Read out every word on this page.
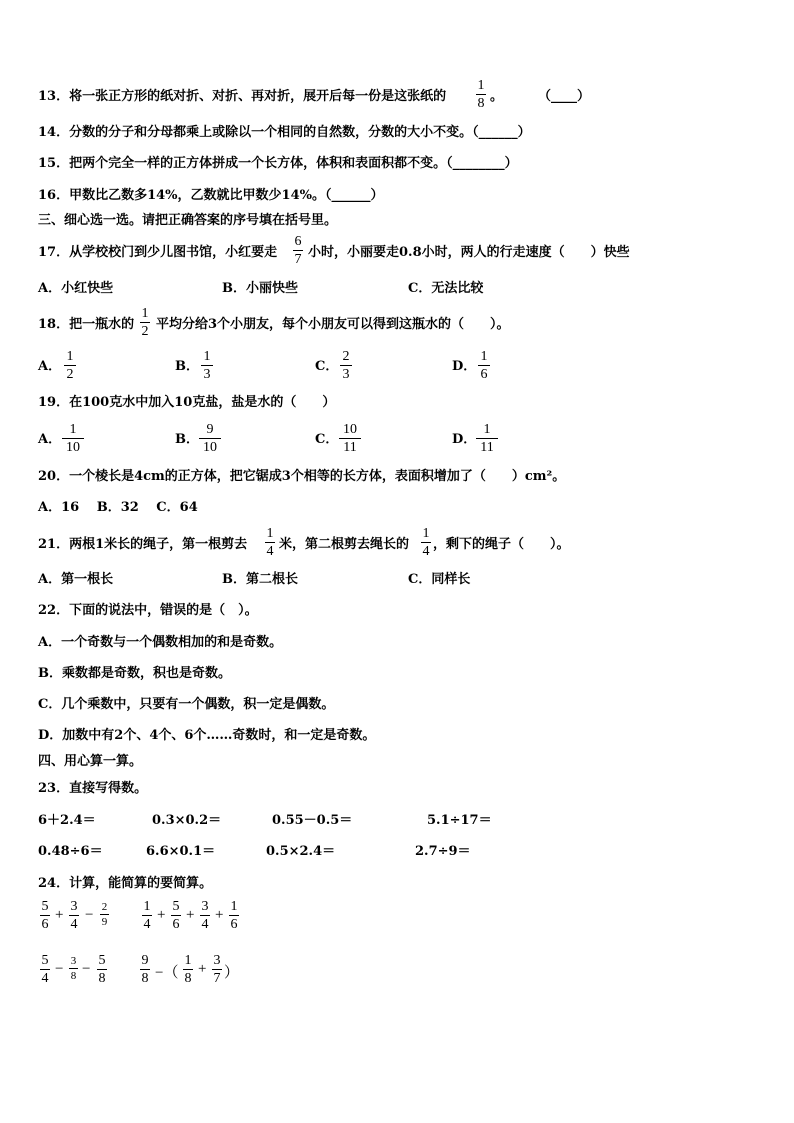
13．将一张正方形的纸对折、对折、再对折，展开后每一份是这张纸的
1
8 。	（____）
14．分数的分子和分母都乘上或除以一个相同的自然数，分数的大小不变。（______）
15．把两个完全一样的正方体拼成一个长方体，体积和表面积都不变。（________）
16．甲数比乙数多14%，乙数就比甲数少14%。（______）
三、细心选一选。请把正确答案的序号填在括号里。
17．从学校校门到少儿图书馆，小红要走
6
7 小时，小丽要走0.8小时，两人的行走速度（　　）快些
A．小红快些	B．小丽快些	C．无法比较
18．把一瓶水的
1
2 平均分给3个小朋友，每个小朋友可以得到这瓶水的（　　）。
A．
1
2
B．
1
3
C．
2
3
D．
1
6
19．在100克水中加入10克盐，盐是水的（　　）
A．
1
10
B．
9
10
C．
10
11
D．
1
11
20．一个棱长是4cm的正方体，把它锯成3个相等的长方体，表面积增加了（　　）cm²。
A．16　 B．32　 C．64
21．两根1米长的绳子，第一根剪去
1
4 米，第二根剪去绳长的
1
4 ，剩下的绳子（　　）。
A．第一根长	B．第二根长	C．同样长
22．下面的说法中，错误的是（　）。
A．一个奇数与一个偶数相加的和是奇数。
B．乘数都是奇数，积也是奇数。
C．几个乘数中，只要有一个偶数，积一定是偶数。
D．加数中有2个、4个、6个……奇数时，和一定是奇数。
四、用心算一算。
23．直接写得数。
6＋2.4＝	0.3×0.2＝	0.55－0.5＝	5.1÷17＝
0.48÷6＝	6.6×0.1＝	0.5×2.4＝	2.7÷9＝
24．计算，能简算的要简算。
5
6
+
3
4
− 2
9
1
4
+
5
6
+
3
4
+
1
6
5
4
− 3
8 −
5
8
9
8 −（
1
8
+
3
7 ）
